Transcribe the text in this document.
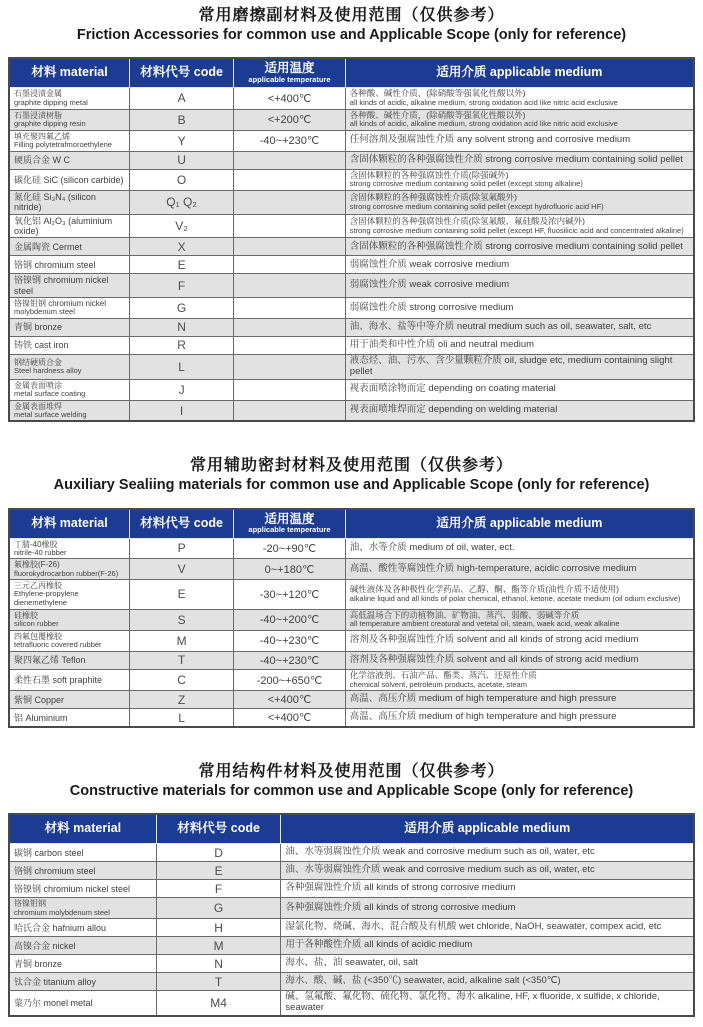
常用磨擦副材料及使用范围（仅供参考）
Friction Accessories for common use and Applicable Scope (only for reference)
材料 material	材料代号 code	适用温度
applicable temperature	适用介质 applicable medium

石墨浸渍金属
graphite dipping metal	A	<+400℃	各种酸、碱性介质，(除硝酸等强氧化性酸以外)
all kinds of acidic, alkaline medium, strong oxidation acid like nitric acid exclusive

石墨浸渍树脂
graphite dipping resin	B	<+200℃	各种酸、碱性介质，(除硝酸等强氧化性酸以外)
all kinds of acidic, alkaline medium, strong oxidation acid like nitric acid exclusive

填充聚四氟乙烯
Filling polytetrafmoroethylene	Y	-40~+230℃	任何溶剂及强腐蚀性介质 any solvent strong and corrosive medium

硬质合金 W C	U		含固体颗粒的各种强腐蚀性介质 strong corrosive medium containing solid pellet

碳化硅 SiC (silicon carbide)	O		含固体颗粒的各种强腐蚀性介质(除强碱外)
strong corrosive medium containing solid pellet (except stong alkaline)

氮化硅 Si₃N₄ (silicon nitride)	Q₁ Q₂		含固体颗粒的各种强腐蚀性介质(除氢氟酸外)
strong corrosive medium containing solid pellet (except hydrofluoric acid HF)

氧化铝 Al₂O₃ (aluminium oxide)	V₂		含固体颗粒的各种强腐蚀性介质(除氢氟酸、氟硅酸及浓内碱外)
strong corrosive medium containing solid pellet (except HF, fluosilicic acid and concentrated alkaline)

金属陶瓷 Cermet	X		含固体颗粒的各种强腐蚀性介质 strong corrosive medium containing solid pellet

铬钢 chromium steel	E		弱腐蚀性介质 weak corrosive medium

铬镍钢 chromium nickel steel	F		弱腐蚀性介质 weak corrosive medium

铬镍钼钢 chromium nickel
molybdenum steel	G		弱腐蚀性介质 strong corrosive medium

青铜 bronze	N		油、海水、盐等中等介质 neutral medium such as oil, seawater, salt, etc

铸铁 cast iron	R		用于油类和中性介质 oli and neutral medium

钢结硬质合金
Steel hardness alloy	L		液态烃、油、污水、含少量颗粒介质 oil, sludge etc, medium containing slight pellet

金属表面喷涂
metal surface coating	J		视表面喷涂物而定 depending on coating material

金属表面堆焊
metal surface welding	I		视表面喷堆焊而定 depending on welding material
常用辅助密封材料及使用范围（仅供参考）
Auxiliary Sealiing materials for common use and Applicable Scope (only for reference)
材料 material	材料代号 code	适用温度
applicable temperature	适用介质 applicable medium

丁腈-40橡胶
nitrile-40 rubber	P	-20~+90℃	油、水等介质 medium of oil, water, ect.

氟橡胶(F-26)
fluorokydrocarbon rubber(F-26)	V	0~+180℃	高温、酸性等腐蚀性介质 high-temperature, acidic corrosive medium

三元乙丙橡胶
Ethylene-propylene dienemethylene
	E	-30~+120℃	碱性液体及各种极性化学药品、乙醇、酮、酯等介质(油性介质不适使用)
alkaline liquid and all kinds of polar chemical, ethanol, ketone, acetate medium (oil odium exclusive)

硅橡胶
silicon rubber	S	-40~+200℃	高低温场合下的动植物油、矿物油、蒸汽、弱酸、弱碱等介质
all temperature ambient creatural and vetetal oil, steam, waek acid, weak alkaline

四氟包覆橡胶
tetrafluoric covered rubber	M	-40~+230℃	溶剂及各种强腐蚀性介质 solvent and all kinds of strong acid medium

聚四氟乙烯 Teflon	T	-40~+230℃	溶剂及各种强腐蚀性介质 solvent and all kinds of strong acid medium

柔性石墨 soft praphite	C	-200~+650℃	化学溶液剂、石油产品、酯类、蒸汽、还原性介质
chemical solvent, petroleum products, acetate, steam

紫铜 Copper	Z	<+400℃	高温、高压介质 medium of high temperature and high pressure

铝 Aluminium	L	<+400℃	高温、高压介质 medium of high temperature and high pressure
常用结构件材料及使用范围（仅供参考）
Constructive materials for common use and Applicable Scope (only for reference)
材料 material	材料代号 code	适用介质 applicable medium

碳钢 carbon steel	D	油、水等弱腐蚀性介质 weak and corrosive medium such as oil, water, etc

铬钢 chromium steel	E	油、水等弱腐蚀性介质 weak and corrosive medium such as oil, water, etc

铬镍钢 chromium nickel steel	F	各种强腐蚀性介质 all kinds of strong corrosive medium

铬镍钼钢
chromium molybdenum steel	G	各种强腐蚀性介质 all kinds of strong corrosive medium

哈氏合金 hafnium allou	H	湿氯化物、烧碱、海水、混合酸及有机酸 wet chloride, NaOH, seawater, compex acid, etc

高镍合金 nickel	M	用于各种酸性介质 all kinds of acidic medium

青铜 bronze	N	海水、盐、油 seawater, oil, salt

钛合金 titanium alloy	T	海水、酸、碱、盐 (<350℃) seawater, acid, alkaline salt (<350℃)

蒙乃尔 monel metal	M4	碱、氢氟酸、氟化物、硫化物、氯化物、海水 alkaline, HF, x fluoride, x sulfide, x chloride, seawater
